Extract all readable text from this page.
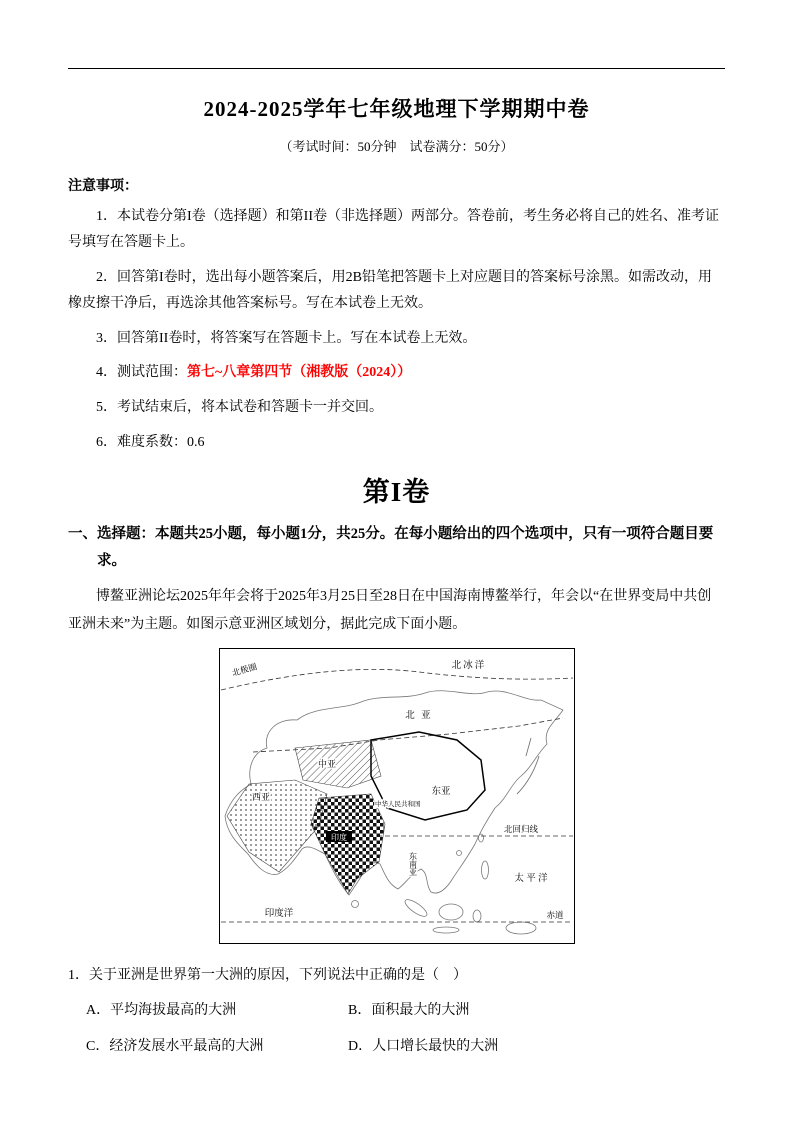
2024-2025学年七年级地理下学期期中卷
（考试时间：50分钟　试卷满分：50分）
注意事项：

1．本试卷分第I卷（选择题）和第II卷（非选择题）两部分。答卷前，考生务必将自己的姓名、准考证号填写在答题卡上。

2．回答第I卷时，选出每小题答案后，用2B铅笔把答题卡上对应题目的答案标号涂黑。如需改动，用橡皮擦干净后，再选涂其他答案标号。写在本试卷上无效。

3．回答第II卷时，将答案写在答题卡上。写在本试卷上无效。

4．测试范围：第七~八章第四节（湘教版（2024））

5．考试结束后，将本试卷和答题卡一并交回。

6．难度系数：0.6

第I卷

一、选择题：本题共25小题，每小题1分，共25分。在每小题给出的四个选项中，只有一项符合题目要求。

博鳌亚洲论坛2025年年会将于2025年3月25日至28日在中国海南博鳌举行，年会以“在世界变局中共创亚洲未来”为主题。如图示意亚洲区域划分，据此完成下面小题。

北极圈	北冰洋
北 亚
中亚
西亚	东亚
中华人民共和国
印度
北回归线
东南亚
太 平 洋
印度洋	赤道

1．关于亚洲是世界第一大洲的原因，下列说法中正确的是（　）

A．平均海拔最高的大洲	B．面积最大的大洲
C．经济发展水平最高的大洲	D．人口增长最快的大洲
